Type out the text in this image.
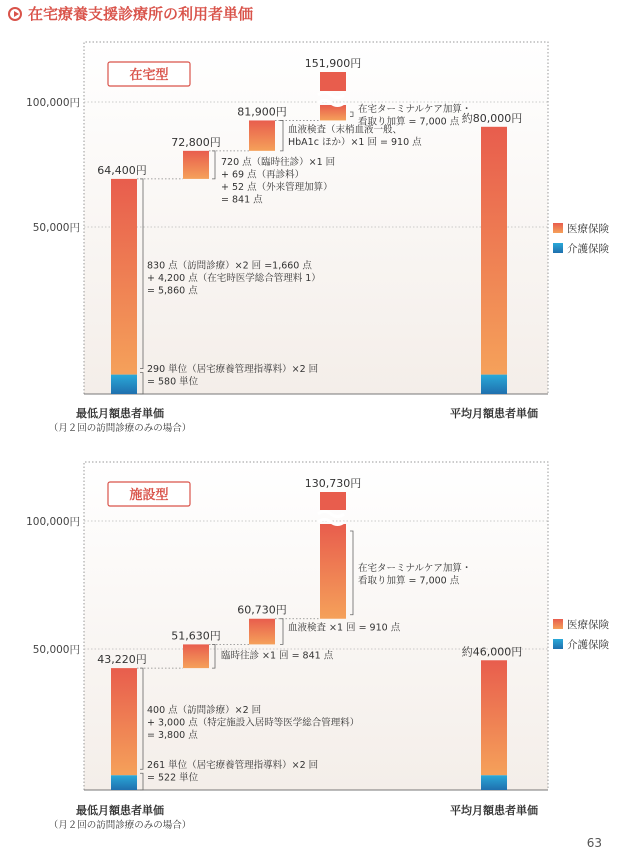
在宅療養支援診療所の利用者単価
50,000円
100,000円
在宅型
64,400円
72,800円
81,900円
151,900円
約80,000円
290 単位（居宅療養管理指導料）×2 回
= 580 単位
830 点（訪問診療）×2 回 =1,660 点
+ 4,200 点（在宅時医学総合管理料 1）
= 5,860 点
720 点（臨時往診）×1 回
+ 69 点（再診料）
+ 52 点（外来管理加算）
= 841 点
血液検査（末梢血液一般、
HbA1c ほか）×1 回 = 910 点
在宅ターミナルケア加算・
看取り加算 = 7,000 点
医療保険
介護保険
最低月額患者単価
（月２回の訪問診療のみの場合）
平均月額患者単価
50,000円
100,000円
施設型
43,220円
51,630円
60,730円
130,730円
約46,000円
261 単位（居宅療養管理指導料）×2 回
= 522 単位
400 点（訪問診療）×2 回
+ 3,000 点（特定施設入居時等医学総合管理料）
= 3,800 点
臨時往診 ×1 回 = 841 点
血液検査 ×1 回 = 910 点
在宅ターミナルケア加算・
看取り加算 = 7,000 点
医療保険
介護保険
最低月額患者単価
（月２回の訪問診療のみの場合）
平均月額患者単価
63
